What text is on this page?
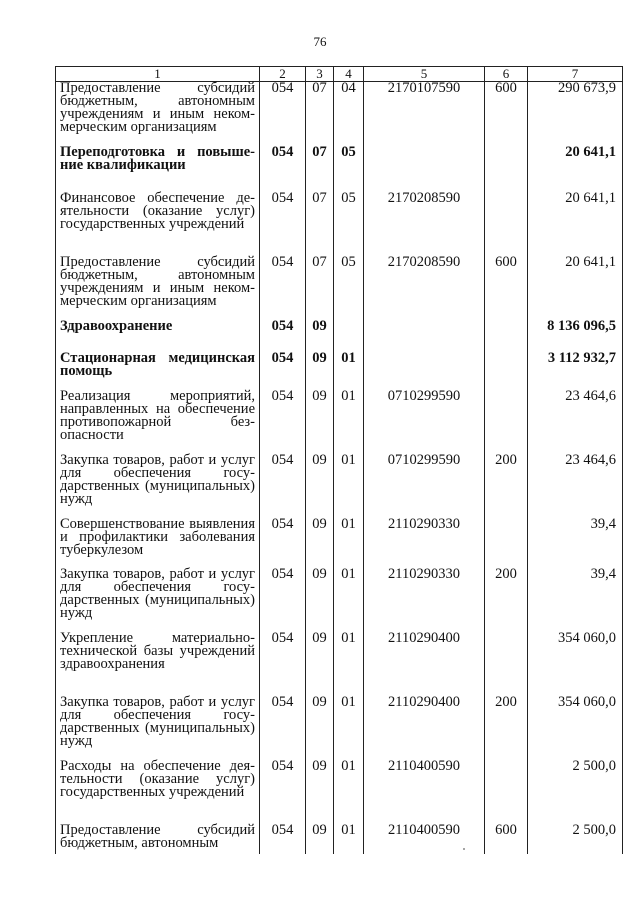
76
1	2	3	4	5	6	7
Предоставление субсидий бюджетным, автономным учреждениям и иным некоммерческим организациям	054	07	04	2170107590	600	290 673,9
Переподготовка и повышение квалификации	054	07	05			20 641,1
Финансовое обеспечение деятельности (оказание услуг) государственных учреждений	054	07	05	2170208590		20 641,1
Предоставление субсидий бюджетным, автономным учреждениям и иным некоммерческим организациям	054	07	05	2170208590	600	20 641,1
Здравоохранение	054	09				8 136 096,5
Стационарная медицинская помощь	054	09	01			3 112 932,7
Реализация мероприятий, направленных на обеспечение противопожарной безопасности	054	09	01	0710299590		23 464,6
Закупка товаров, работ и услуг для обеспечения государственных (муниципальных) нужд	054	09	01	0710299590	200	23 464,6
Совершенствование выявления и профилактики заболевания туберкулезом	054	09	01	2110290330		39,4
Закупка товаров, работ и услуг для обеспечения государственных (муниципальных) нужд	054	09	01	2110290330	200	39,4
Укрепление материально-технической базы учреждений здравоохранения	054	09	01	2110290400		354 060,0
Закупка товаров, работ и услуг для обеспечения государственных (муниципальных) нужд	054	09	01	2110290400	200	354 060,0
Расходы на обеспечение деятельности (оказание услуг) государственных учреждений	054	09	01	2110400590		2 500,0
Предоставление субсидий бюджетным, автономным	054	09	01	2110400590	600	2 500,0
